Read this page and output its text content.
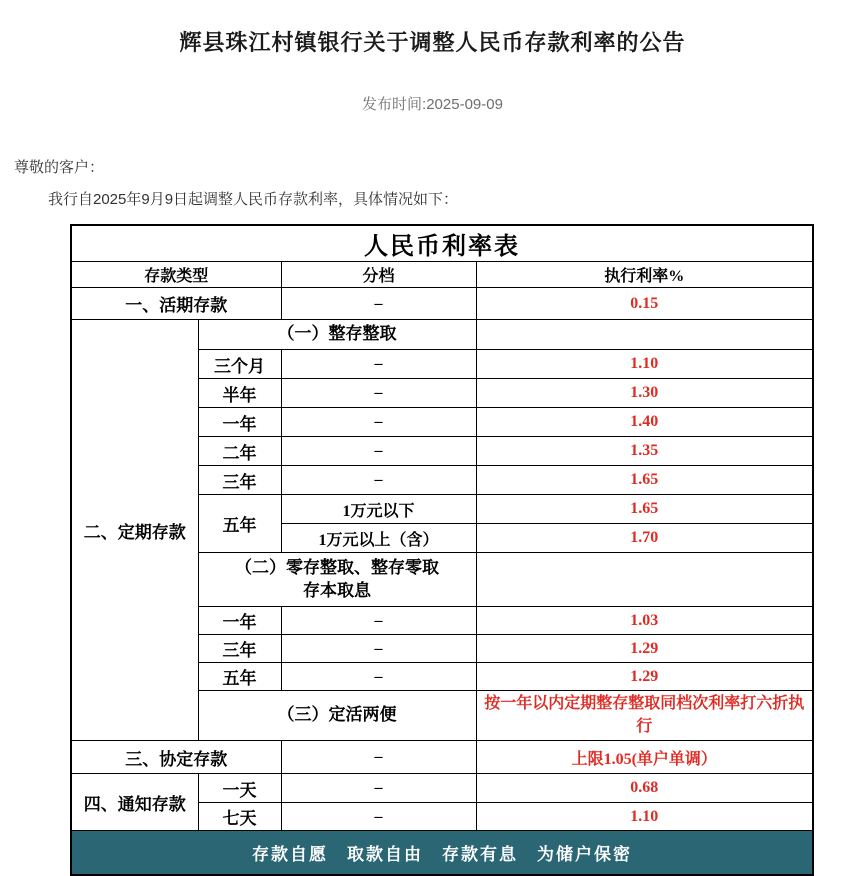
辉县珠江村镇银行关于调整人民币存款利率的公告
发布时间:2025-09-09

尊敬的客户：

我行自2025年9月9日起调整人民币存款利率，具体情况如下：

人民币利率表			
存款类型		分档	执行利率%
一、活期存款		–	0.15
二、定期存款	（一）整存整取		
	三个月	–	1.10
	半年	–	1.30
	一年	–	1.40
	二年	–	1.35
	三年	–	1.65
	五年	1万元以下	1.65
		1万元以上（含）	1.70

	（二）零存整取、整存零取
存本取息		

	一年	–	1.03
	三年	–	1.29
	五年	–	1.29
	（三）定活两便		按一年以内定期整存整取同档次利率打六折执行
三、协定存款		–	上限1.05(单户单调）
四、通知存款	一天	–	0.68
	七天	–	1.10
存款自愿　取款自由　存款有息　为储户保密			
